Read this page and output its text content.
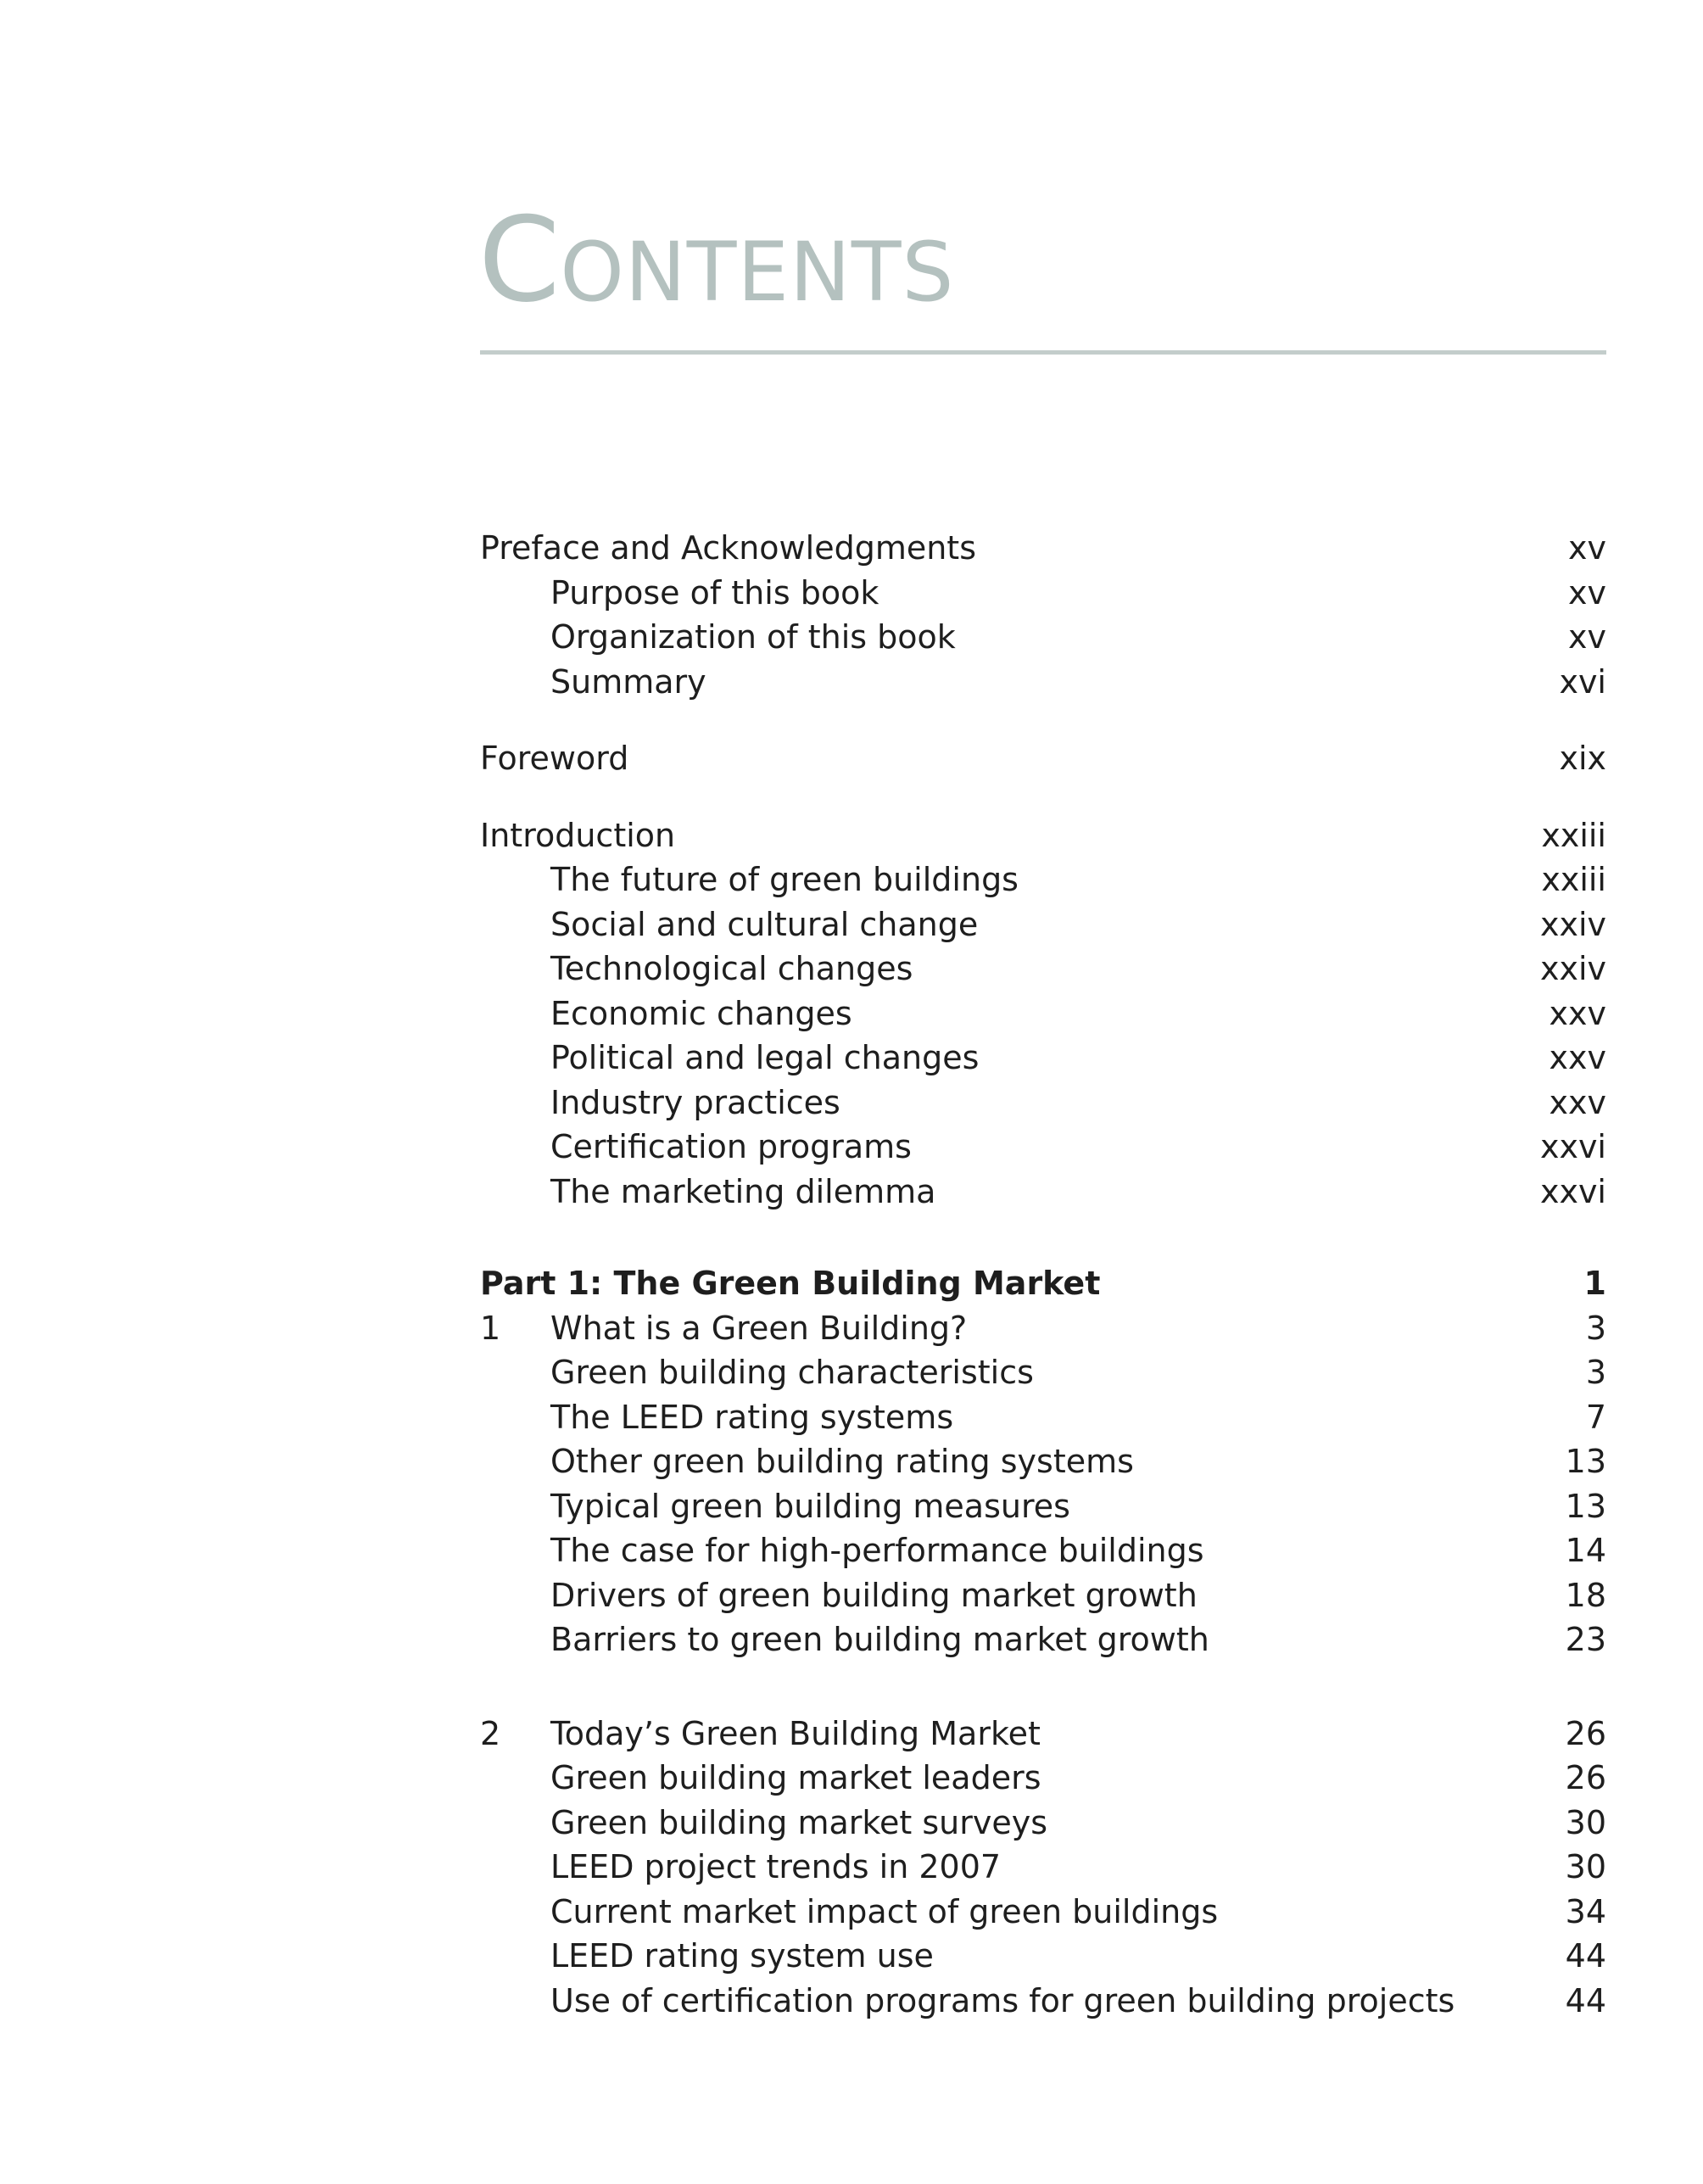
CONTENTS
Preface and Acknowledgments	xv
Purpose of this book	xv
Organization of this book	xv
Summary	xvi
Foreword	xix
Introduction	xxiii
The future of green buildings	xxiii
Social and cultural change	xxiv
Technological changes	xxiv
Economic changes	xxv
Political and legal changes	xxv
Industry practices	xxv
Certification programs	xxvi
The marketing dilemma	xxvi
Part 1: The Green Building Market	1
1 What is a Green Building?	3
Green building characteristics	3
The LEED rating systems	7
Other green building rating systems	13
Typical green building measures	13
The case for high-performance buildings	14
Drivers of green building market growth	18
Barriers to green building market growth	23
2 Today’s Green Building Market	26
Green building market leaders	26
Green building market surveys	30
LEED project trends in 2007	30
Current market impact of green buildings	34
LEED rating system use	44
Use of certification programs for green building projects	44
